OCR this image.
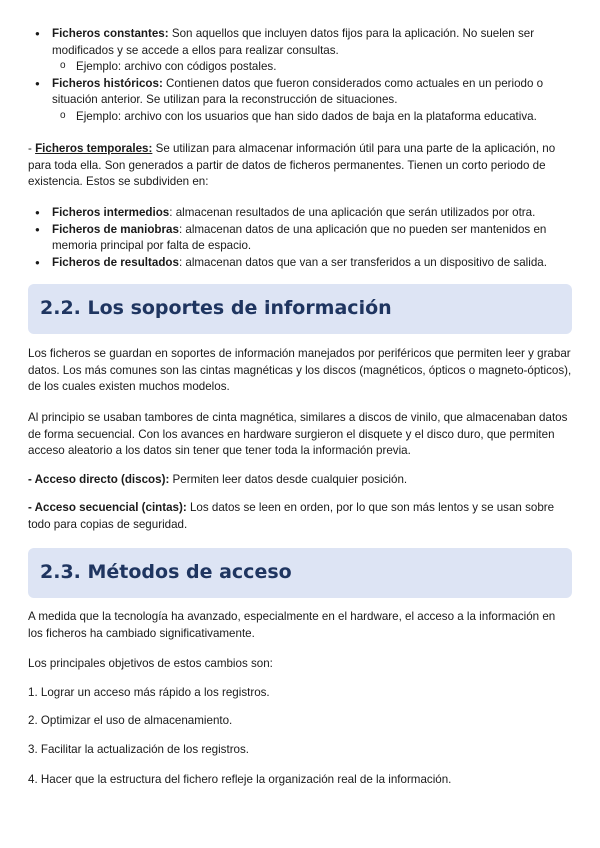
● Ficheros constantes: Son aquellos que incluyen datos fijos para la aplicación. No suelen ser modificados y se accede a ellos para realizar consultas.
o Ejemplo: archivo con códigos postales.
● Ficheros históricos: Contienen datos que fueron considerados como actuales en un periodo o situación anterior. Se utilizan para la reconstrucción de situaciones.
o Ejemplo: archivo con los usuarios que han sido dados de baja en la plataforma educativa.

- Ficheros temporales: Se utilizan para almacenar información útil para una parte de la aplicación, no para toda ella. Son generados a partir de datos de ficheros permanentes. Tienen un corto periodo de existencia. Estos se subdividen en:

● Ficheros intermedios: almacenan resultados de una aplicación que serán utilizados por otra.
● Ficheros de maniobras: almacenan datos de una aplicación que no pueden ser mantenidos en memoria principal por falta de espacio.
● Ficheros de resultados: almacenan datos que van a ser transferidos a un dispositivo de salida.
2.2. Los soportes de información

Los ficheros se guardan en soportes de información manejados por periféricos que permiten leer y grabar datos. Los más comunes son las cintas magnéticas y los discos (magnéticos, ópticos o magneto-ópticos), de los cuales existen muchos modelos.

Al principio se usaban tambores de cinta magnética, similares a discos de vinilo, que almacenaban datos de forma secuencial. Con los avances en hardware surgieron el disquete y el disco duro, que permiten acceso aleatorio a los datos sin tener que tener toda la información previa.

- Acceso directo (discos): Permiten leer datos desde cualquier posición.

- Acceso secuencial (cintas): Los datos se leen en orden, por lo que son más lentos y se usan sobre todo para copias de seguridad.

2.3. Métodos de acceso

A medida que la tecnología ha avanzado, especialmente en el hardware, el acceso a la información en los ficheros ha cambiado significativamente.

Los principales objetivos de estos cambios son:

1. Lograr un acceso más rápido a los registros.

2. Optimizar el uso de almacenamiento.

3. Facilitar la actualización de los registros.

4. Hacer que la estructura del fichero refleje la organización real de la información.
